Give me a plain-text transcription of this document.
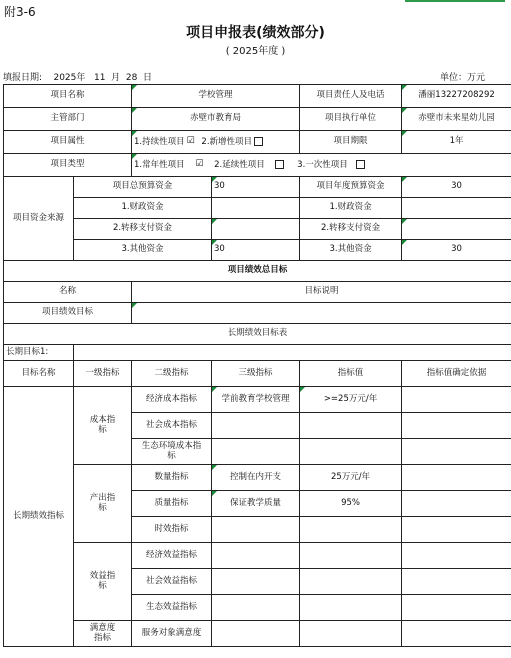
附3-6
项目申报表(绩效部分)
( 2025年度 )
填报日期:    2025年   11  月  28  日	单位：万元
项目名称		学校管理		项目责任人及电话	潘丽13227208292
主管部门		赤壁市教育局		项目执行单位	赤壁市未来星幼儿园
项目属性		1.持续性项目 ☑ 2.新增性项目		项目期限	1年
项目类型		1.常年性项目 ☑ 2.延续性项目 3.一次性项目			
项目资金来源	项目总预算资金		30	项目年度预算资金	30
	1.财政资金			1.财政资金	
	2.转移支付资金			2.转移支付资金	
	3.其他资金		30	3.其他资金	30
项目绩效总目标					
名称		目标说明			
项目绩效目标					
长期绩效目标表					
长期目标1:					
目标名称	一级指标	二级指标	三级指标	指标值	指标值确定依据
长期绩效指标	成本指标	经济成本指标	学前教育学校管理	>=25万元/年	
		社会成本指标			
		生态环境成本指标			
	产出指标	数量指标	控制在内开支	25万元/年	
		质量指标	保证教学质量	95%	
		时效指标			
	效益指标	经济效益指标			
		社会效益指标			
		生态效益指标			
	满意度指标	服务对象满意度			
